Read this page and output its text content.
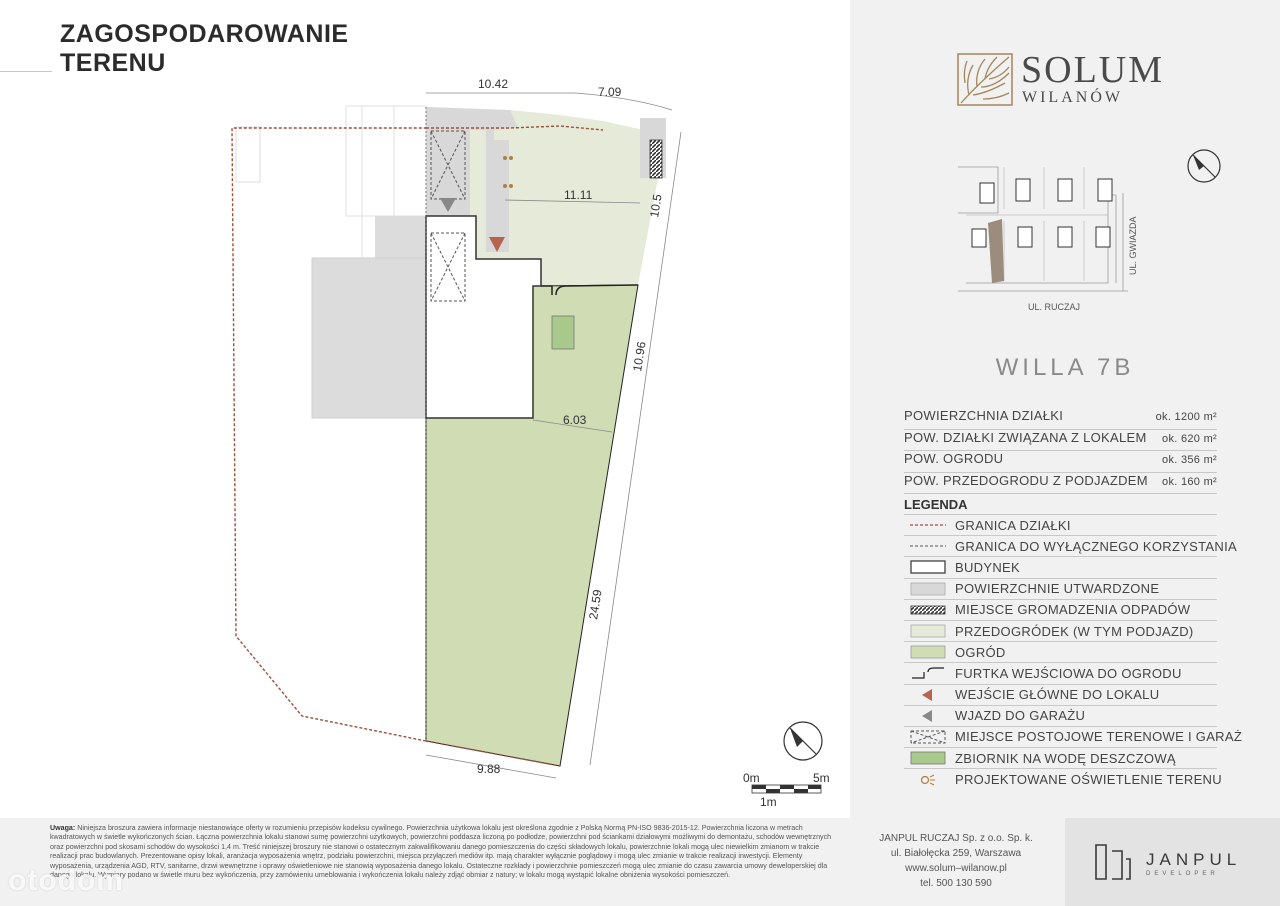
ZAGOSPODAROWANIE
TERENU
10.42
7.09
11.11	10.5
10.96
6.03
24.59
9.88
0m	5m
1m
SOLUM
WILANÓW
UL. RUCZAJ
UL. GWIAZDA
WILLA 7B
POWIERZCHNIA DZIAŁKI	ok. 1200 m²
POW. DZIAŁKI ZWIĄZANA Z LOKALEM ok. 620 m²
POW. OGRODU	ok. 356 m²
POW. PRZEDOGRODU Z PODJAZDEM ok. 160 m²
LEGENDA
GRANICA DZIAŁKI
GRANICA DO WYŁĄCZNEGO KORZYSTANIA
BUDYNEK
POWIERZCHNIE UTWARDZONE
MIEJSCE GROMADZENIA ODPADÓW
PRZEDOGRÓDEK (W TYM PODJAZD)
OGRÓD
FURTKA WEJŚCIOWA DO OGRODU
WEJŚCIE GŁÓWNE DO LOKALU
WJAZD DO GARAŻU
MIEJSCE POSTOJOWE TERENOWE I GARAŻ
ZBIORNIK NA WODĘ DESZCZOWĄ
PROJEKTOWANE OŚWIETLENIE TERENU
Uwaga: Niniejsza broszura zawiera informacje niestanowiące oferty w rozumieniu przepisów kodeksu cywilnego. Powierzchnia użytkowa lokalu jest określona zgodnie z Polską Normą PN-ISO 9836-2015-12. Powierzchnia liczona w metrach kwadratowych w świetle wykończonych ścian. Łączna powierzchnia lokalu stanowi sumę powierzchni użytkowych, powierzchni poddasza liczoną po podłodze, powierzchni pod ściankami działowymi możliwymi do demontażu, schodów wewnętrznych oraz powierzchni pod skosami schodów do wysokości 1,4 m. Treść niniejszej broszury nie stanowi o ostatecznym zakwalifikowaniu danego pomieszczenia do części składowych lokalu, powierzchnie lokali mogą ulec niewielkim zmianom w trakcie realizacji prac budowlanych. Prezentowane opisy lokali, aranżacja wyposażenia wnętrz, podziału powierzchni, miejsca przyłączeń mediów itp. mają charakter wyłącznie poglądowy i mogą ulec zmianie w trakcie realizacji inwestycji. Elementy wyposażenia, urządzenia AGD, RTV, sanitarne, drzwi wewnętrzne i oprawy oświetleniowe nie stanowią wyposażenia danego lokalu. Ostateczne rozkłady i powierzchnie pomieszczeń mogą ulec zmianie do czasu zawarcia umowy deweloperskiej dla danego lokalu. Wymiary podano w świetle muru bez wykończenia, przy zamówieniu umeblowania i wykończenia lokalu należy zdjąć obmiar z natury; w lokalu mogą wystąpić lokalne obniżenia wysokości pomieszczeń.
JANPUL RUCZAJ Sp. z o.o. Sp. k.
ul. Białołęcka 259, Warszawa
www.solum–wilanow.pl
tel. 500 130 590
JANPUL
DEVELOPER
otodom
